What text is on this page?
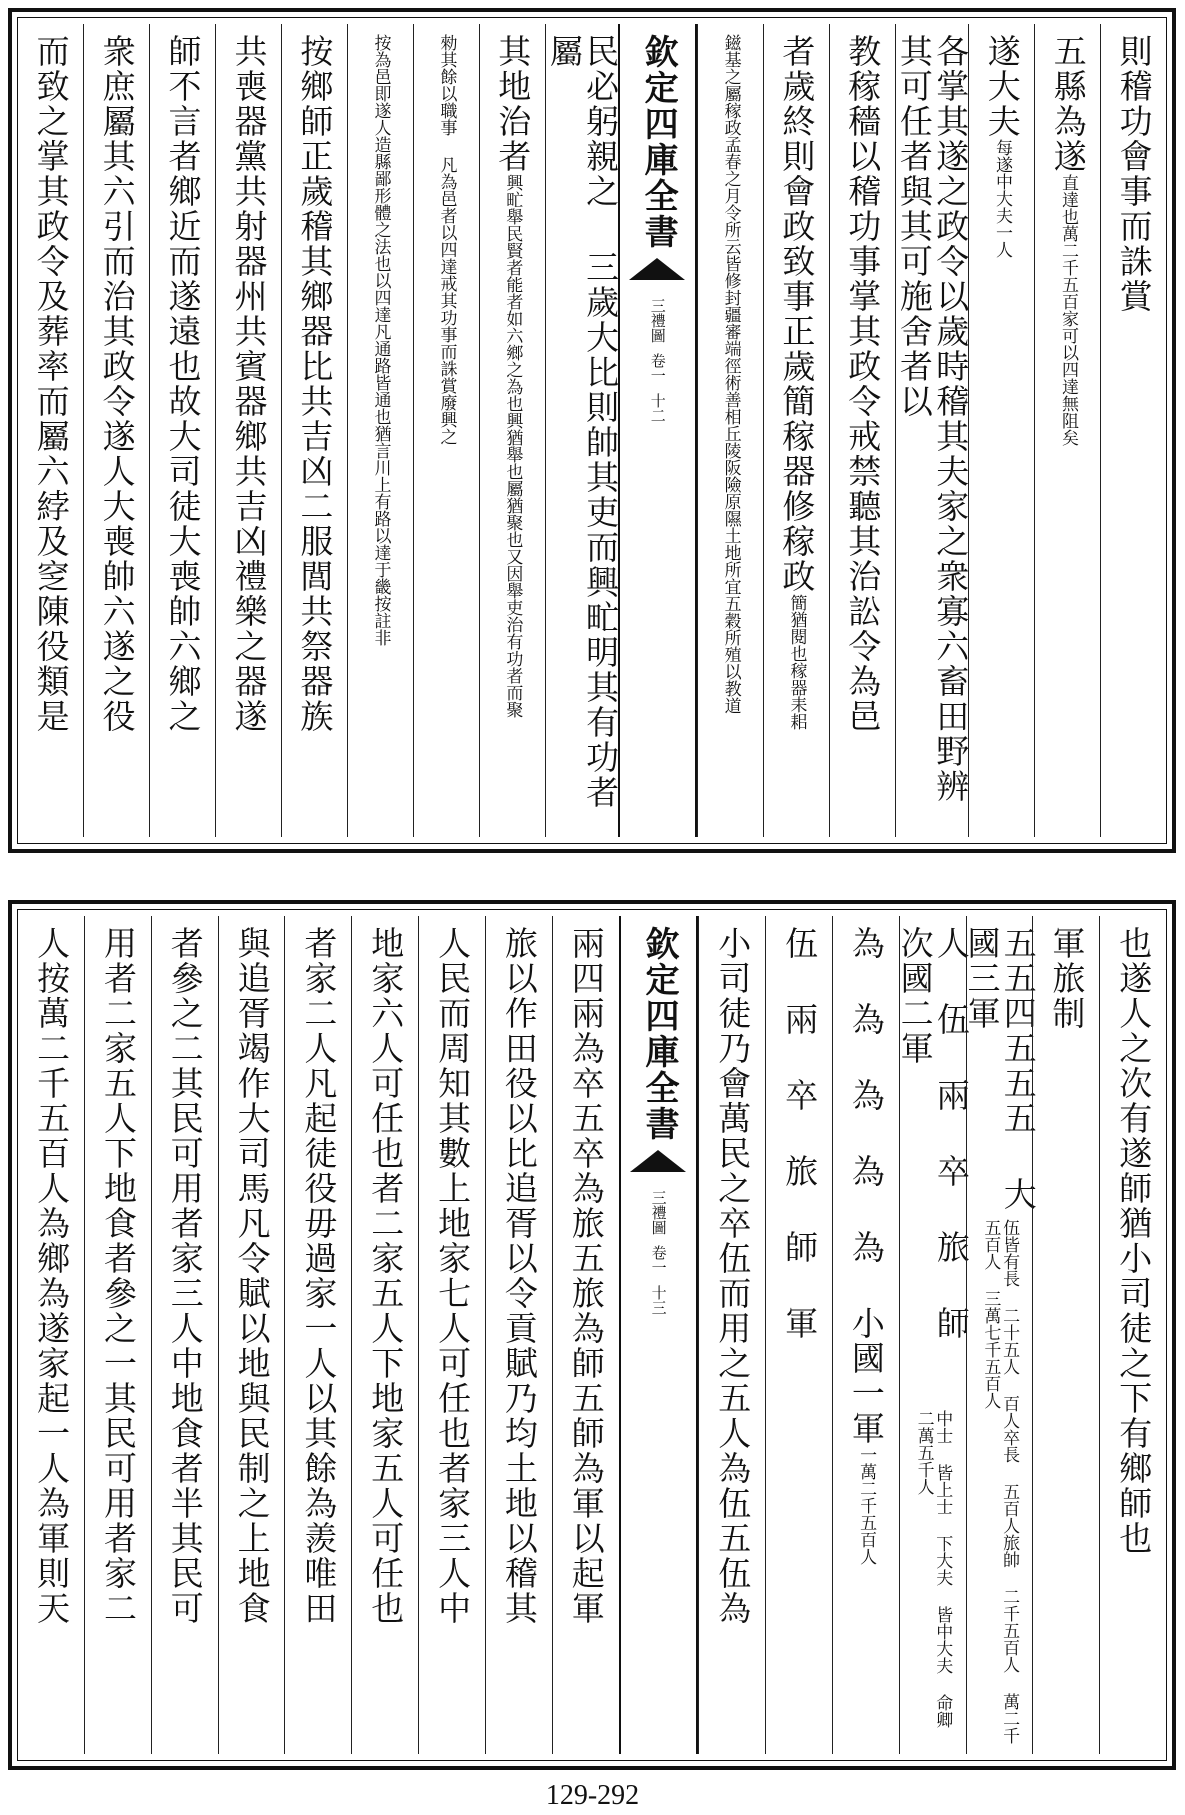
則稽功會事而誅賞
五縣為遂
直達也萬二千五百家可以四達無阻矣
遂大夫
每遂中大夫一人
各掌其遂之政令以歲時稽其夫家之衆寡六畜田野辨其可任者與其可施舍者以
教稼穡以稽功事掌其政令戒禁聽其治訟令為邑
者歲終則會政致事正歲簡稼器修稼政
簡猶閱也稼器耒耜
鎡基之屬稼政孟春之月令所云皆修封疆審端徑術善相丘陵阪險原隰土地所宜五穀所殖以教道
欽定四庫全書
三禮圖
卷一
十二
民必躬親之 三歲大比則帥其吏而興甿明其有功者屬
其地治者
興甿舉民賢者能者如六鄉之為也興猶舉也屬猶聚也又因舉吏治有功者而聚
勑其餘以職事 凡為邑者以四達戒其功事而誅賞廢興之
按為邑即遂人造縣鄙形體之法也以四達凡通路皆通也猶言川上有路以達于畿按註非
按鄉師正歲稽其鄉器比共吉凶二服閭共祭器族
共喪器黨共射器州共賓器鄉共吉凶禮樂之器遂
師不言者鄉近而遂遠也故大司徒大喪帥六鄉之
衆庶屬其六引而治其政令遂人大喪帥六遂之役
而致之掌其政令及葬率而屬六綍及窆陳役類是
也遂人之次有遂師猶小司徒之下有鄉師也
軍旅制
五五四五五五 大國三軍
伍皆有長 二十五人 百人卒長 五百人旅帥 二千五百人 萬二千五百人 三萬七千五百人
人 伍 兩 卒 旅 師 次國二軍
中士 皆上士 下大夫 皆中大夫 命卿 二萬五千人
為 為 為 為 為 小國一軍
一萬二千五百人
伍 兩 卒 旅 師 軍
小司徒乃會萬民之卒伍而用之五人為伍五伍為
欽定四庫全書
三禮圖
卷一
十三
兩四兩為卒五卒為旅五旅為師五師為軍以起軍
旅以作田役以比追胥以令貢賦乃均土地以稽其
人民而周知其數上地家七人可任也者家三人中
地家六人可任也者二家五人下地家五人可任也
者家二人凡起徒役毋過家一人以其餘為羨唯田
與追胥竭作大司馬凡令賦以地與民制之上地食
者參之二其民可用者家三人中地食者半其民可
用者二家五人下地食者參之一其民可用者家二
人按萬二千五百人為鄉為遂家起一人為軍則天
129-292
